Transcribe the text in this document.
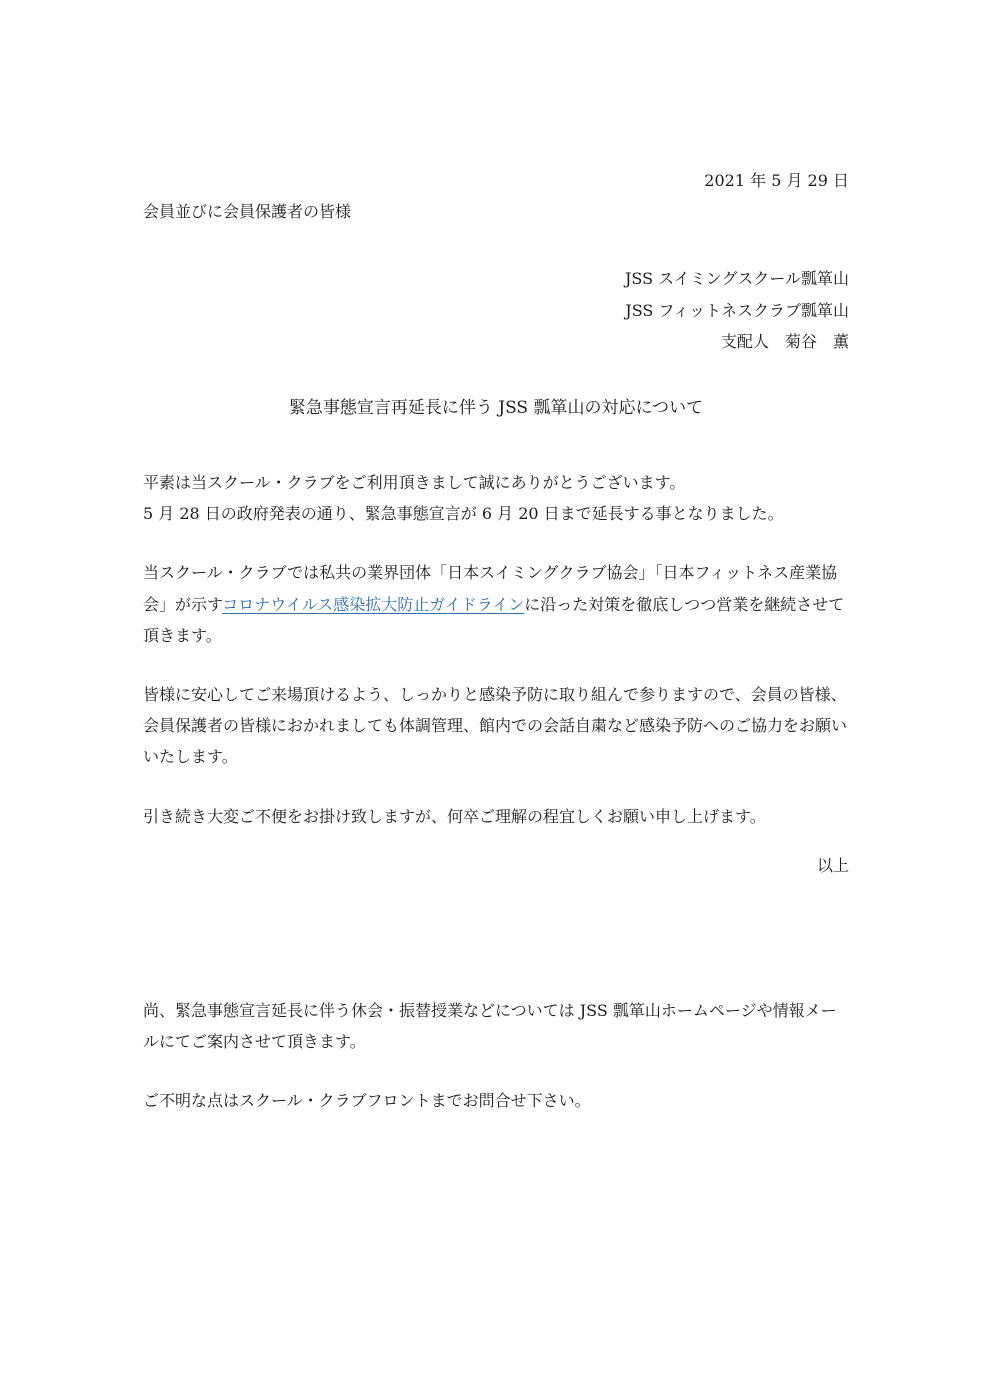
2021 年 5 月 29 日

会員並びに会員保護者の皆様

JSS スイミングスクール瓢箪山
JSS フィットネスクラブ瓢箪山
支配人　菊谷　薫

緊急事態宣言再延長に伴う JSS 瓢箪山の対応について

平素は当スクール・クラブをご利用頂きまして誠にありがとうございます。

5 月 28 日の政府発表の通り、緊急事態宣言が 6 月 20 日まで延長する事となりました。

当スクール・クラブでは私共の業界団体「日本スイミングクラブ協会」「日本フィットネス産業協会」が示すコロナウイルス感染拡大防止ガイドラインに沿った対策を徹底しつつ営業を継続させて頂きます。

皆様に安心してご来場頂けるよう、しっかりと感染予防に取り組んで参りますので、会員の皆様、会員保護者の皆様におかれましても体調管理、館内での会話自粛など感染予防へのご協力をお願いいたします。

引き続き大変ご不便をお掛け致しますが、何卒ご理解の程宜しくお願い申し上げます。

以上

尚、緊急事態宣言延長に伴う休会・振替授業などについては JSS 瓢箪山ホームページや情報メールにてご案内させて頂きます。

ご不明な点はスクール・クラブフロントまでお問合せ下さい。
